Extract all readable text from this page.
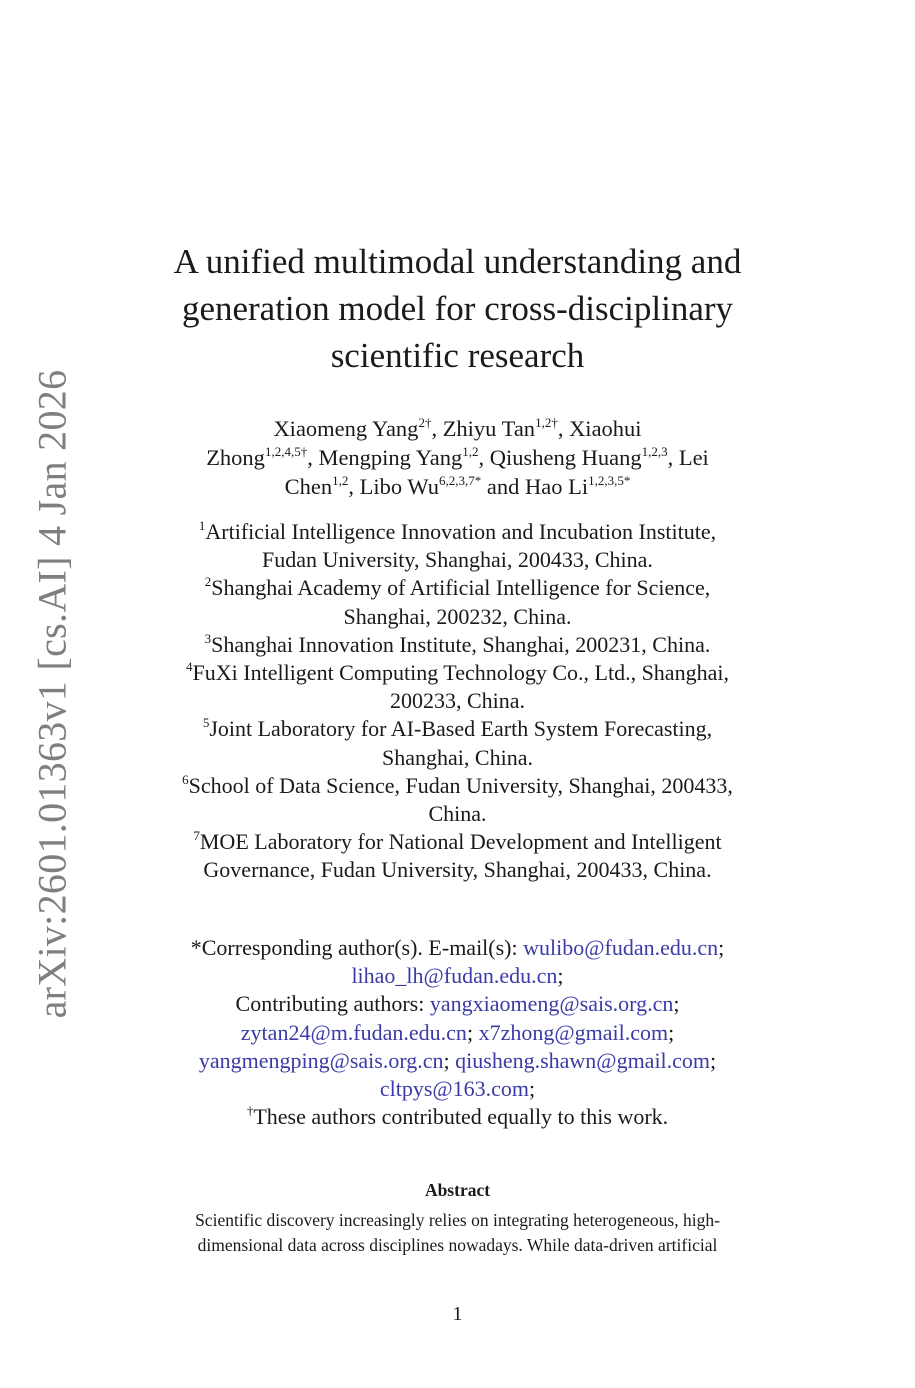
arXiv:2601.01363v1 [cs.AI] 4 Jan 2026
A unified multimodal understanding and
generation model for cross-disciplinary
scientific research
Xiaomeng Yang$^{2\dagger}$, Zhiyu Tan$^{1,2\dagger}$, Xiaohui
Zhong$^{1,2,4,5\dagger}$, Mengping Yang$^{1,2}$, Qiusheng Huang$^{1,2,3}$, Lei
Chen$^{1,2}$, Libo $Wu^{6,2,3,7*}$ and Hao $Li^{1,2,3,5*}$
$^1$Artificial Intelligence Innovation and Incubation Institute,
Fudan University, Shanghai, 200433, China.
$^2$Shanghai Academy of Artificial Intelligence for Science,
Shanghai, 200232, China.
$^3$Shanghai Innovation Institute, Shanghai, 200231, China.
$^4$FuXi Intelligent Computing Technology Co., Ltd., Shanghai,
200233, China.
$^5$Joint Laboratory for AI-Based Earth System Forecasting,
Shanghai, China.
$^6$School of Data Science, Fudan University, Shanghai, 200433,
China.
$^7$MOE Laboratory for National Development and Intelligent
Governance, Fudan University, Shanghai, 200433, China.
*Corresponding author(s). E-mail(s): wulibo@fudan.edu.cn;
lihao_lh@fudan.edu.cn;
Contributing authors: yangxiaomeng@sais.org.cn;
zytan24@m.fudan.edu.cn; x7zhong@gmail.com;
yangmengping@sais.org.cn; qiusheng.shawn@gmail.com;
cltpys@163.com;
†These authors contributed equally to this work.
Abstract
Scientific discovery increasingly relies on integrating heterogeneous, high-
dimensional data across disciplines nowadays. While data-driven artificial
1
